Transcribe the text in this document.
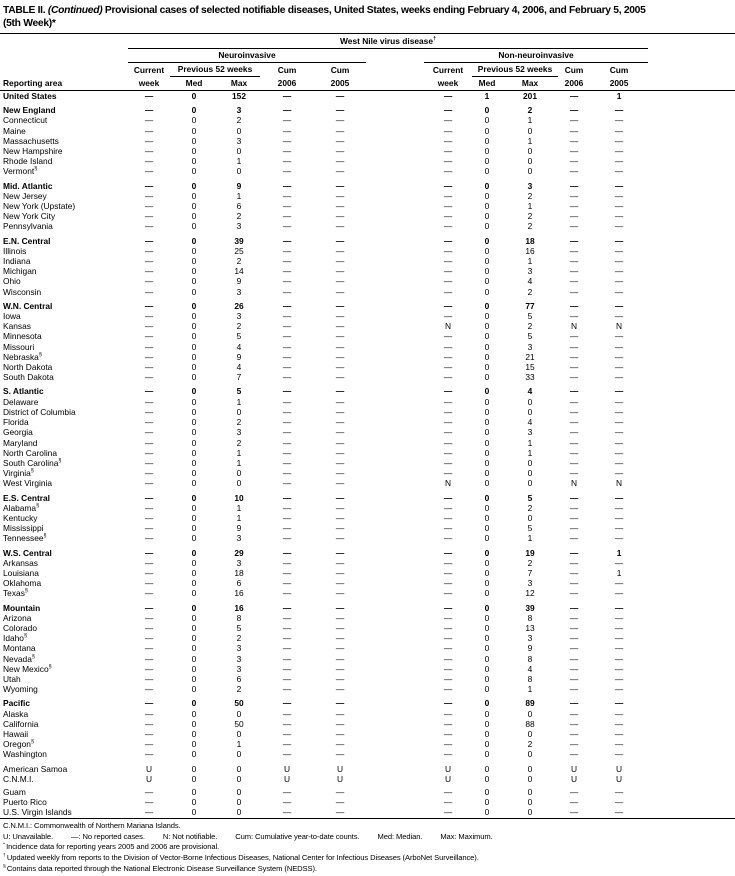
TABLE II. (Continued) Provisional cases of selected notifiable diseases, United States, weeks ending February 4, 2006, and February 5, 2005
(5th Week)*
	West Nile virus disease†	
	Neuroinvasive						Non-neuroinvasive					
	Current	Previous 52 weeks		Cum	Cum		Current	Previous 52 weeks		Cum	Cum	
Reporting area	week	Med	Max	2006	2005		week	Med	Max	2006	2005	
United States	—	0	152	—	—		—	1	201	—	1	
New England	—	0	3	—	—		—	0	2	—	—	
Connecticut	—	0	2	—	—		—	0	1	—	—	
Maine	—	0	0	—	—		—	0	0	—	—	
Massachusetts	—	0	3	—	—		—	0	1	—	—	
New Hampshire	—	0	0	—	—		—	0	0	—	—	
Rhode Island	—	0	1	—	—		—	0	0	—	—	
Vermont§	—	0	0	—	—		—	0	0	—	—	
Mid. Atlantic	—	0	9	—	—		—	0	3	—	—	
New Jersey	—	0	1	—	—		—	0	2	—	—	
New York (Upstate)	—	0	6	—	—		—	0	1	—	—	
New York City	—	0	2	—	—		—	0	2	—	—	
Pennsylvania	—	0	3	—	—		—	0	2	—	—	
E.N. Central	—	0	39	—	—		—	0	18	—	—	
Illinois	—	0	25	—	—		—	0	16	—	—	
Indiana	—	0	2	—	—		—	0	1	—	—	
Michigan	—	0	14	—	—		—	0	3	—	—	
Ohio	—	0	9	—	—		—	0	4	—	—	
Wisconsin	—	0	3	—	—		—	0	2	—	—	
W.N. Central	—	0	26	—	—		—	0	77	—	—	
Iowa	—	0	3	—	—		—	0	5	—	—	
Kansas	—	0	2	—	—		N	0	2	N	N	
Minnesota	—	0	5	—	—		—	0	5	—	—	
Missouri	—	0	4	—	—		—	0	3	—	—	
Nebraska§	—	0	9	—	—		—	0	21	—	—	
North Dakota	—	0	4	—	—		—	0	15	—	—	
South Dakota	—	0	7	—	—		—	0	33	—	—	
S. Atlantic	—	0	5	—	—		—	0	4	—	—	
Delaware	—	0	1	—	—		—	0	0	—	—	
District of Columbia	—	0	0	—	—		—	0	0	—	—	
Florida	—	0	2	—	—		—	0	4	—	—	
Georgia	—	0	3	—	—		—	0	3	—	—	
Maryland	—	0	2	—	—		—	0	1	—	—	
North Carolina	—	0	1	—	—		—	0	1	—	—	
South Carolina§	—	0	1	—	—		—	0	0	—	—	
Virginia§	—	0	0	—	—		—	0	0	—	—	
West Virginia	—	0	0	—	—		N	0	0	N	N	
E.S. Central	—	0	10	—	—		—	0	5	—	—	
Alabama§	—	0	1	—	—		—	0	2	—	—	
Kentucky	—	0	1	—	—		—	0	0	—	—	
Mississippi	—	0	9	—	—		—	0	5	—	—	
Tennessee§	—	0	3	—	—		—	0	1	—	—	
W.S. Central	—	0	29	—	—		—	0	19	—	1	
Arkansas	—	0	3	—	—		—	0	2	—	—	
Louisiana	—	0	18	—	—		—	0	7	—	1	
Oklahoma	—	0	6	—	—		—	0	3	—	—	
Texas§	—	0	16	—	—		—	0	12	—	—	
Mountain	—	0	16	—	—		—	0	39	—	—	
Arizona	—	0	8	—	—		—	0	8	—	—	
Colorado	—	0	5	—	—		—	0	13	—	—	
Idaho§	—	0	2	—	—		—	0	3	—	—	
Montana	—	0	3	—	—		—	0	9	—	—	
Nevada§	—	0	3	—	—		—	0	8	—	—	
New Mexico§	—	0	3	—	—		—	0	4	—	—	
Utah	—	0	6	—	—		—	0	8	—	—	
Wyoming	—	0	2	—	—		—	0	1	—	—	
Pacific	—	0	50	—	—		—	0	89	—	—	
Alaska	—	0	0	—	—		—	0	0	—	—	
California	—	0	50	—	—		—	0	88	—	—	
Hawaii	—	0	0	—	—		—	0	0	—	—	
Oregon§	—	0	1	—	—		—	0	2	—	—	
Washington	—	0	0	—	—		—	0	0	—	—	
American Samoa	U	0	0	U	U		U	0	0	U	U	
C.N.M.I.	U	0	0	U	U		U	0	0	U	U	
Guam	—	0	0	—	—		—	0	0	—	—	
Puerto Rico	—	0	0	—	—		—	0	0	—	—	
U.S. Virgin Islands	—	0	0	—	—		—	0	0	—	—	
C.N.M.I.: Commonwealth of Northern Mariana Islands.
U: Unavailable. —: No reported cases. N: Not notifiable. Cum: Cumulative year-to-date counts. Med: Median. Max: Maximum.
* Incidence data for reporting years 2005 and 2006 are provisional.
† Updated weekly from reports to the Division of Vector-Borne Infectious Diseases, National Center for Infectious Diseases (ArboNet Surveillance).
§ Contains data reported through the National Electronic Disease Surveillance System (NEDSS).
